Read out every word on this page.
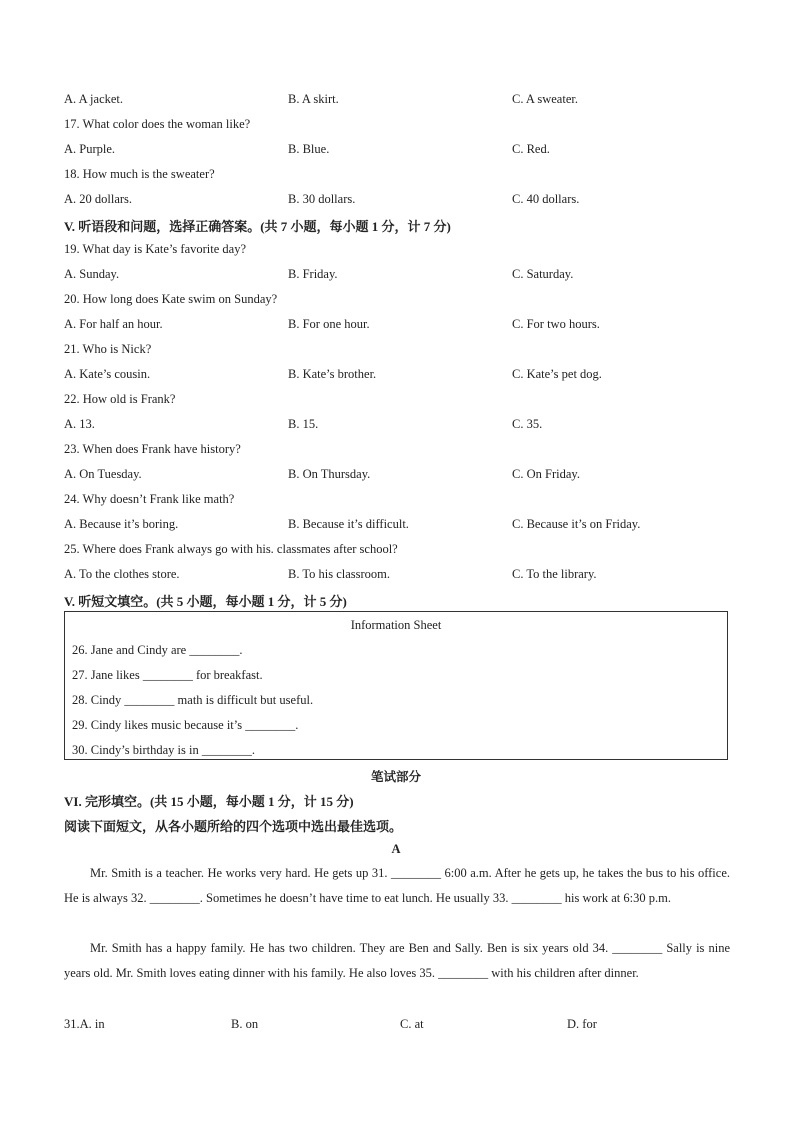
A. A jacket.	B. A skirt.	C. A sweater.
17. What color does the woman like?
A. Purple.	B. Blue.	C. Red.
18. How much is the sweater?
A. 20 dollars.	B. 30 dollars.	C. 40 dollars.
V. 听语段和问题，选择正确答案。(共 7 小题，每小题 1 分，计 7 分)
19. What day is Kate’s favorite day?
A. Sunday.	B. Friday.	C. Saturday.
20. How long does Kate swim on Sunday?
A. For half an hour.	B. For one hour.	C. For two hours.
21. Who is Nick?
A. Kate’s cousin.	B. Kate’s brother.	C. Kate’s pet dog.
22. How old is Frank?
A. 13.	B. 15.	C. 35.
23. When does Frank have history?
A. On Tuesday.	B. On Thursday.	C. On Friday.
24. Why doesn’t Frank like math?
A. Because it’s boring.	B. Because it’s difficult.	C. Because it’s on Friday.
25. Where does Frank always go with his. classmates after school?
A. To the clothes store.	B. To his classroom.	C. To the library.
V. 听短文填空。(共 5 小题，每小题 1 分，计 5 分)
Information Sheet
26. Jane and Cindy are ________.
27. Jane likes ________ for breakfast.
28. Cindy ________ math is difficult but useful.
29. Cindy likes music because it’s ________.
30. Cindy’s birthday is in ________.
笔试部分
VI. 完形填空。(共 15 小题，每小题 1 分，计 15 分)
阅读下面短文，从各小题所给的四个选项中选出最佳选项。
A
Mr. Smith is a teacher. He works very hard. He gets up 31. ________ 6:00 a.m. After he gets up, he takes the bus to his office. He is always 32. ________. Sometimes he doesn’t have time to eat lunch. He usually 33. ________ his work at 6:30 p.m.
Mr. Smith has a happy family. He has two children. They are Ben and Sally. Ben is six years old 34. ________ Sally is nine years old. Mr. Smith loves eating dinner with his family. He also loves 35. ________ with his children after dinner.
31.A. in	B. on	C. at	D. for
